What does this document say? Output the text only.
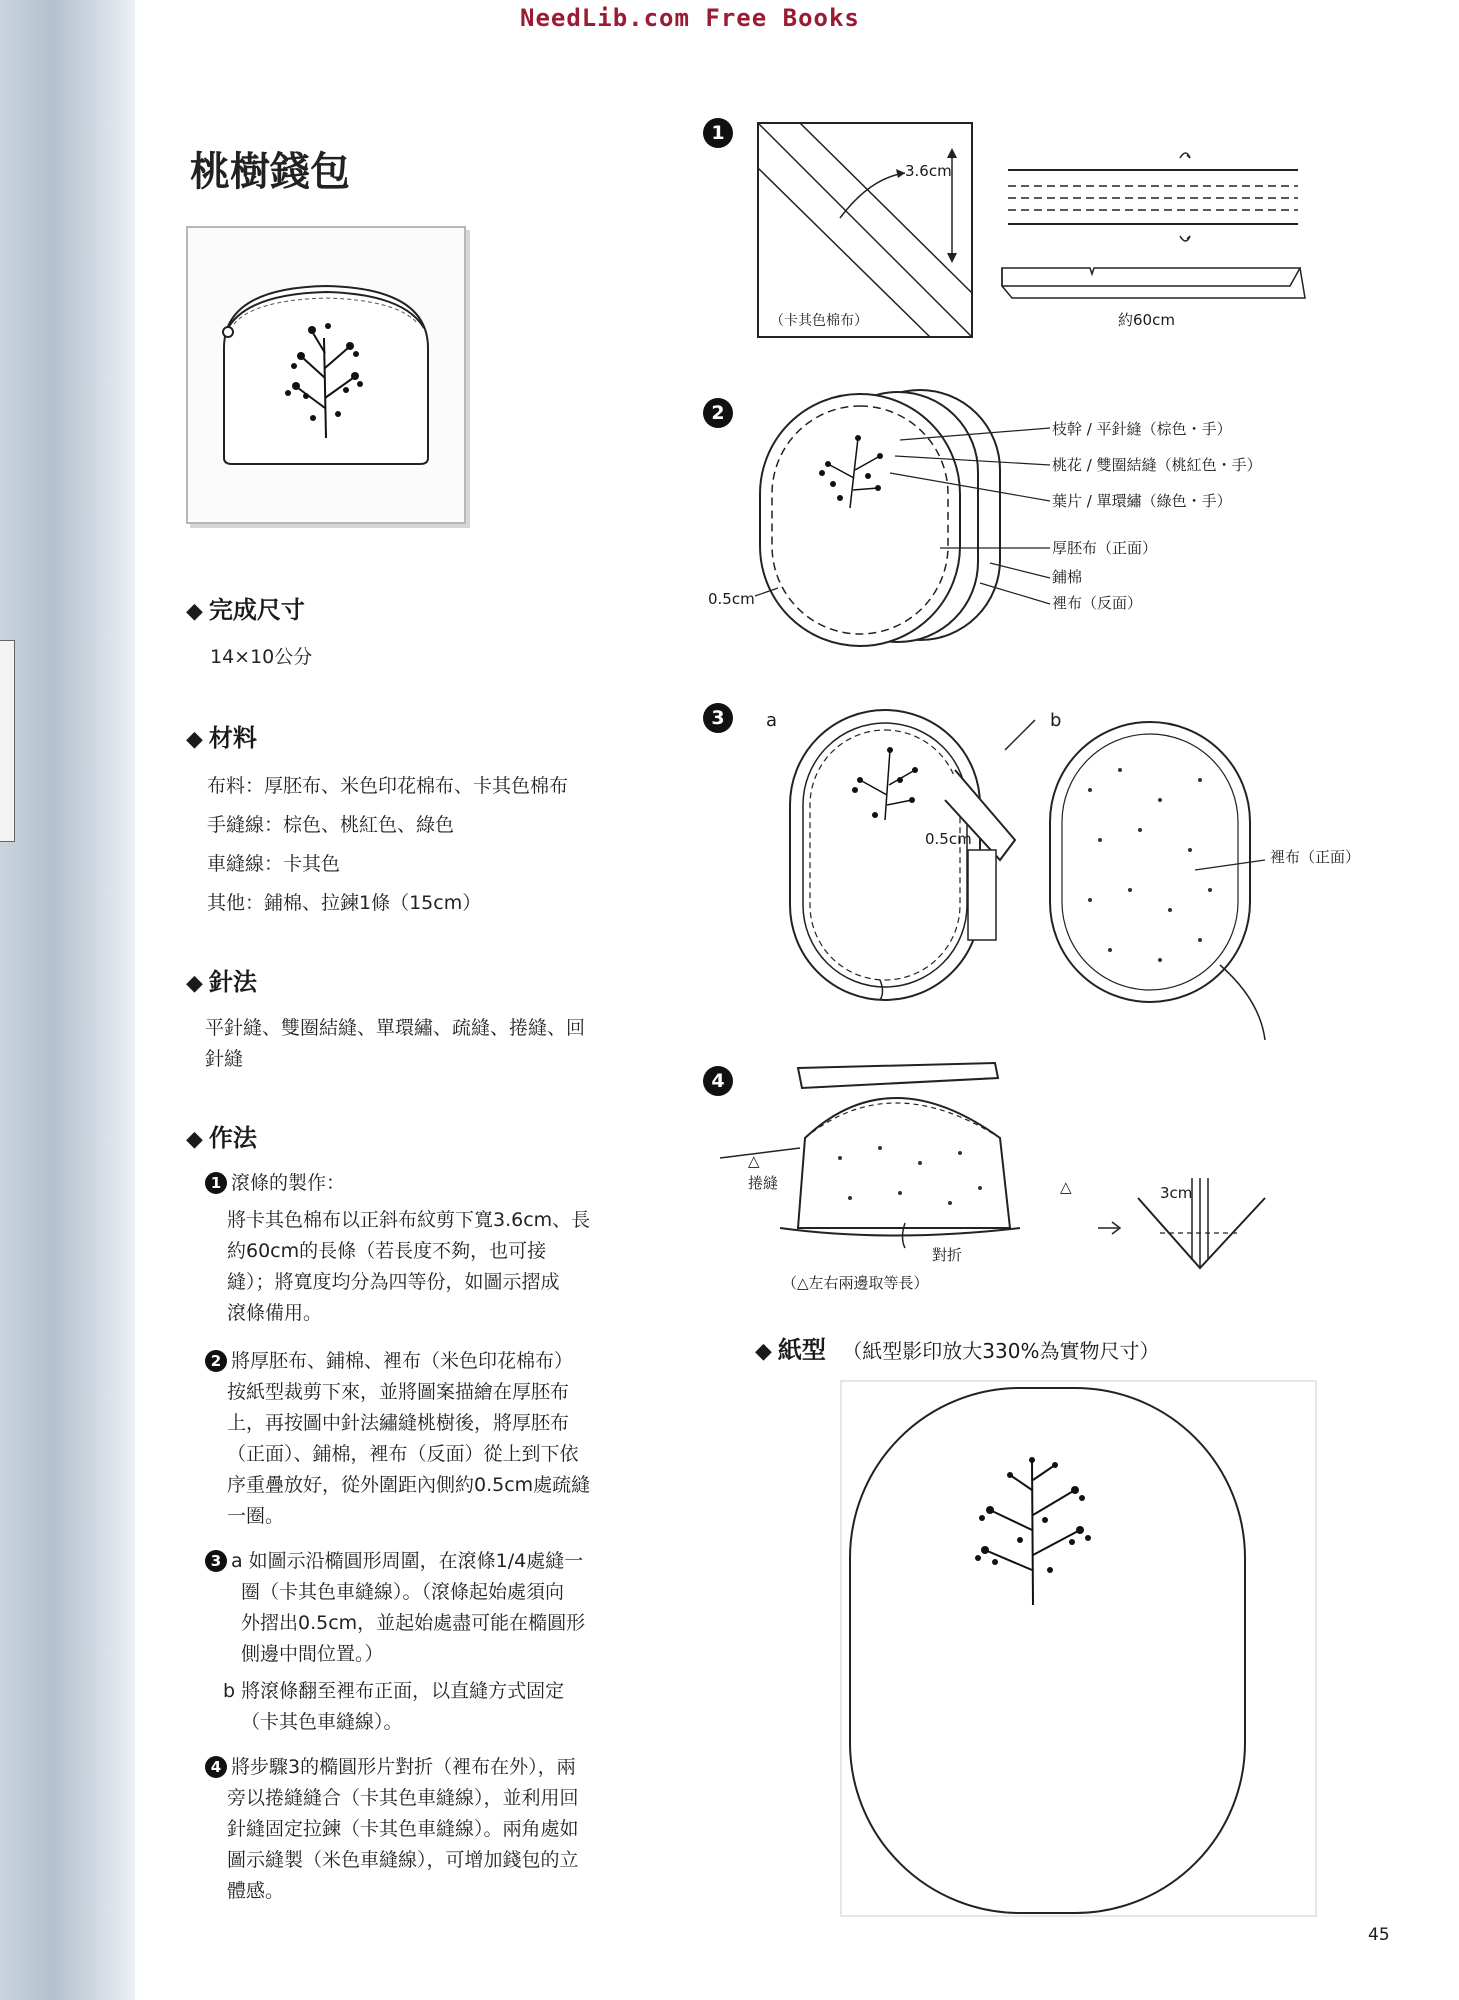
NeedLib.com Free Books
桃樹錢包
◆ 完成尺寸
14×10公分
◆ 材料
布料：厚胚布、米色印花棉布、卡其色棉布
手縫線：棕色、桃紅色、綠色
車縫線：卡其色
其他：鋪棉、拉鍊1條（15cm）
◆ 針法
平針縫、雙圈結縫、單環繡、疏縫、捲縫、回
針縫
◆ 作法
1 滾條的製作：
將卡其色棉布以正斜布紋剪下寬3.6cm、長
約60cm的長條（若長度不夠，也可接
縫）；將寬度均分為四等份，如圖示摺成
滾條備用。
2 將厚胚布、鋪棉、裡布（米色印花棉布）
按紙型裁剪下來，並將圖案描繪在厚胚布
上，再按圖中針法繡縫桃樹後，將厚胚布
（正面）、鋪棉，裡布（反面）從上到下依
序重疊放好，從外圍距內側約0.5cm處疏縫
一圈。
3 a 如圖示沿橢圓形周圍，在滾條1/4處縫一
圈（卡其色車縫線）。（滾條起始處須向
外摺出0.5cm，並起始處盡可能在橢圓形
側邊中間位置。）
b 將滾條翻至裡布正面，以直縫方式固定
（卡其色車縫線）。
4 將步驟3的橢圓形片對折（裡布在外），兩
旁以捲縫縫合（卡其色車縫線），並利用回
針縫固定拉鍊（卡其色車縫線）。兩角處如
圖示縫製（米色車縫線），可增加錢包的立
體感。
1
3.6cm
（卡其色棉布）	約60cm
2
枝幹 / 平針縫（棕色・手）
桃花 / 雙圈結縫（桃紅色・手）
葉片 / 單環繡（綠色・手）
厚胚布（正面）
鋪棉
裡布（反面）
0.5cm
3	a	b
0.5cm
裡布（正面）
4
捲縫
△
△
對折
（△左右兩邊取等長）
3cm
◆ 紙型 （紙型影印放大330%為實物尺寸）
45
